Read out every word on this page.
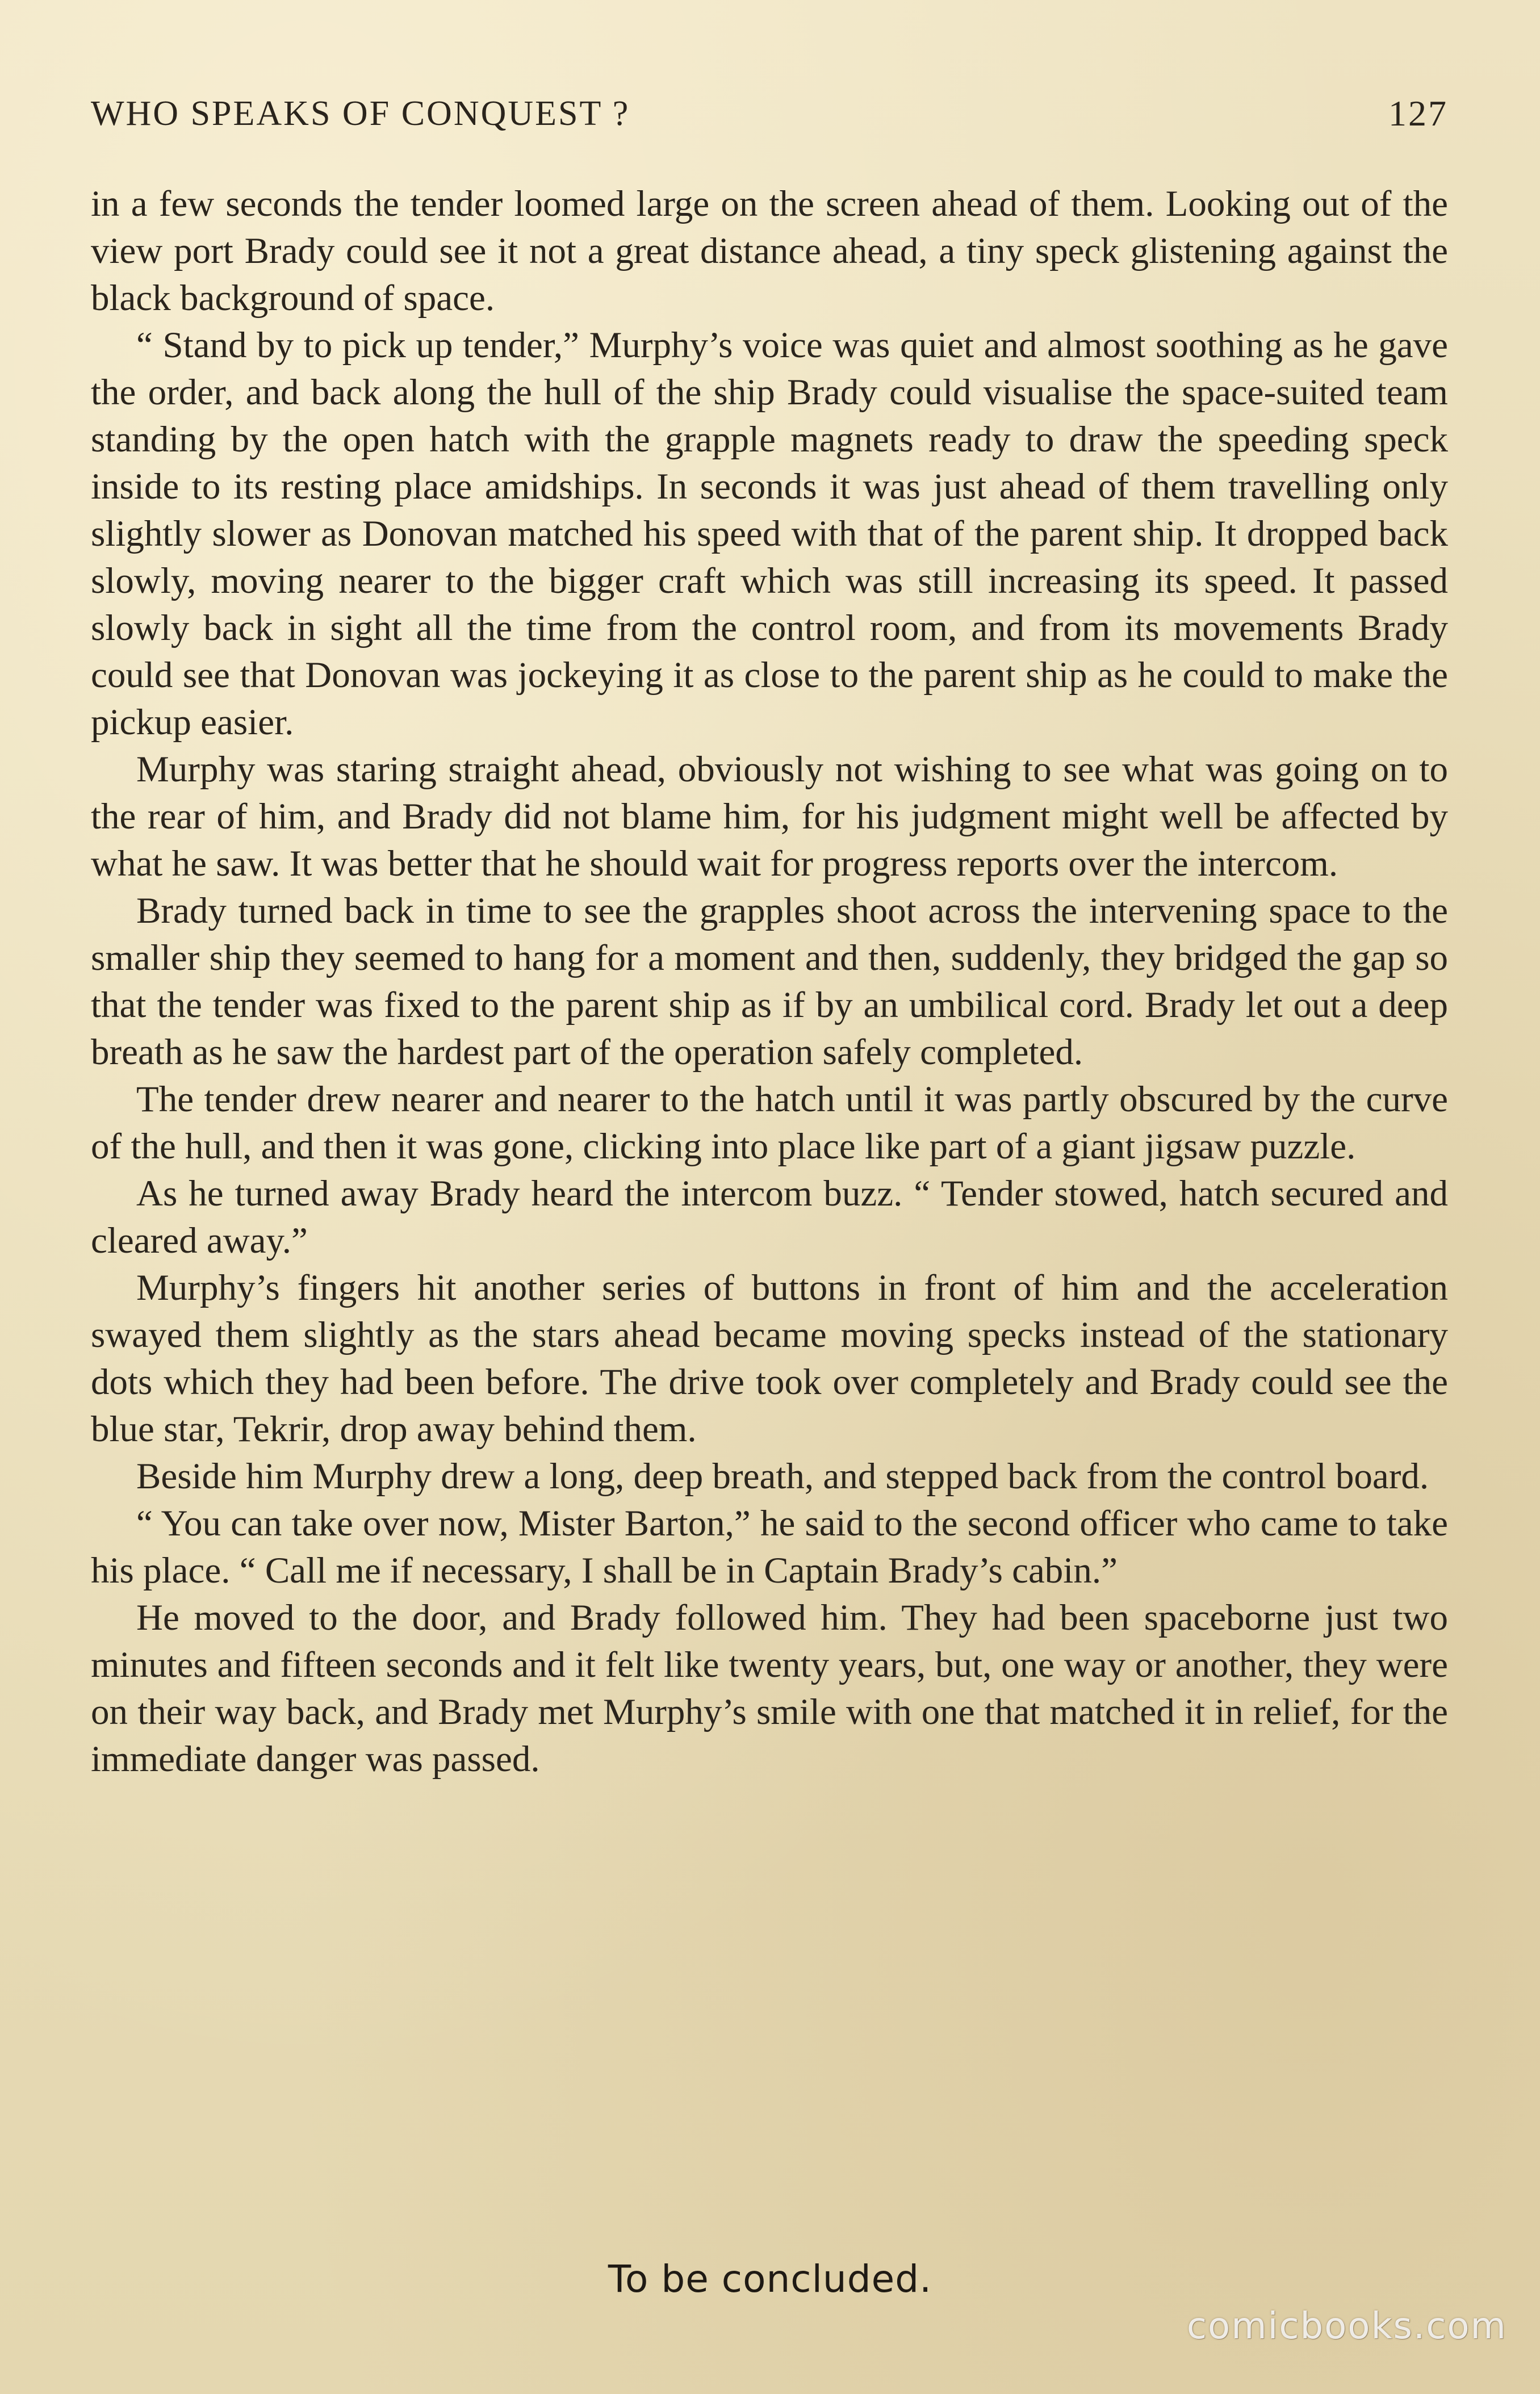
WHO SPEAKS OF CONQUEST ?	127

in a few seconds the tender loomed large on the screen ahead of them. Looking out of the view port Brady could see it not a great distance ahead, a tiny speck glistening against the black background of space.

“ Stand by to pick up tender,” Murphy’s voice was quiet and almost soothing as he gave the order, and back along the hull of the ship Brady could visualise the space-suited team standing by the open hatch with the grapple magnets ready to draw the speeding speck inside to its resting place amidships. In seconds it was just ahead of them travelling only slightly slower as Donovan matched his speed with that of the parent ship. It dropped back slowly, moving nearer to the bigger craft which was still increasing its speed. It passed slowly back in sight all the time from the control room, and from its movements Brady could see that Donovan was jockeying it as close to the parent ship as he could to make the pickup easier.

Murphy was staring straight ahead, obviously not wishing to see what was going on to the rear of him, and Brady did not blame him, for his judgment might well be affected by what he saw. It was better that he should wait for progress reports over the intercom.

Brady turned back in time to see the grapples shoot across the intervening space to the smaller ship they seemed to hang for a moment and then, suddenly, they bridged the gap so that the tender was fixed to the parent ship as if by an umbilical cord. Brady let out a deep breath as he saw the hardest part of the operation safely completed.

The tender drew nearer and nearer to the hatch until it was partly obscured by the curve of the hull, and then it was gone, clicking into place like part of a giant jigsaw puzzle.

As he turned away Brady heard the intercom buzz. “ Tender stowed, hatch secured and cleared away.”

Murphy’s fingers hit another series of buttons in front of him and the acceleration swayed them slightly as the stars ahead became moving specks instead of the stationary dots which they had been before. The drive took over completely and Brady could see the blue star, Tekrir, drop away behind them.

Beside him Murphy drew a long, deep breath, and stepped back from the control board.

“ You can take over now, Mister Barton,” he said to the second officer who came to take his place. “ Call me if necessary, I shall be in Captain Brady’s cabin.”

He moved to the door, and Brady followed him. They had been spaceborne just two minutes and fifteen seconds and it felt like twenty years, but, one way or another, they were on their way back, and Brady met Murphy’s smile with one that matched it in relief, for the immediate danger was passed.

To be concluded.
comicbooks.com
